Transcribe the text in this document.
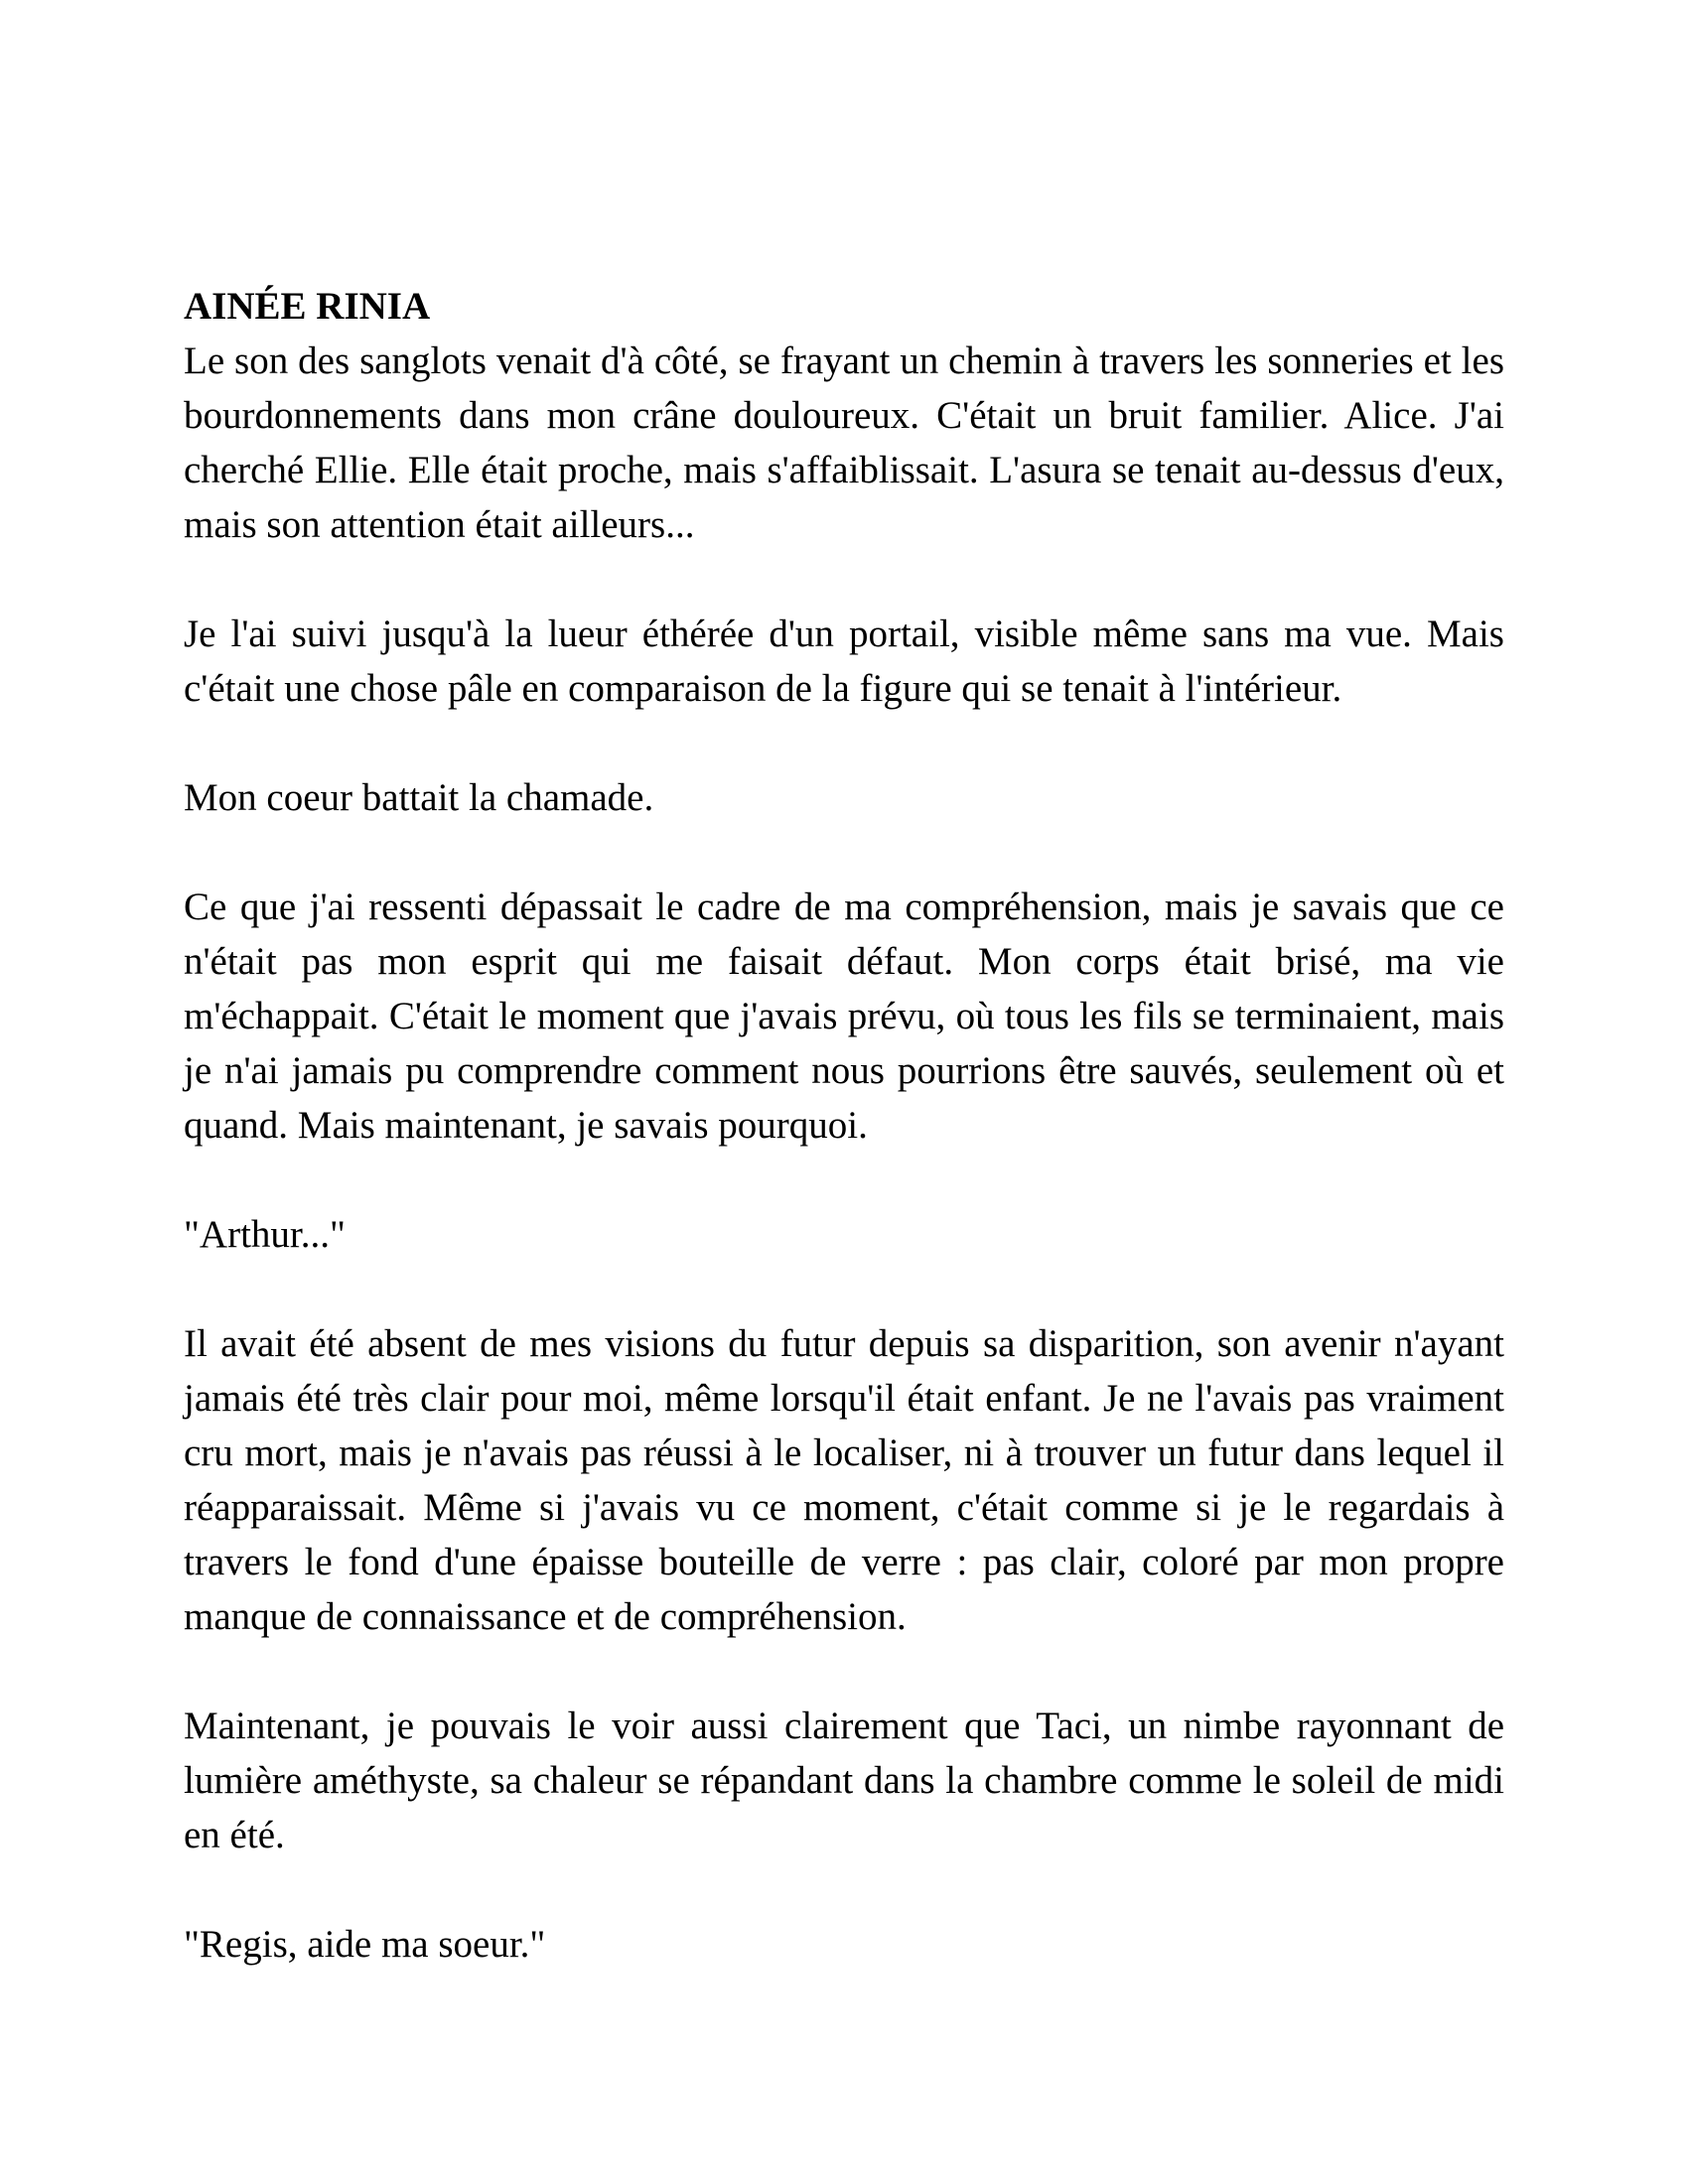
AINÉE RINIA

Le son des sanglots venait d'à côté, se frayant un chemin à travers les sonneries et les bourdonnements dans mon crâne douloureux. C'était un bruit familier. Alice. J'ai cherché Ellie. Elle était proche, mais s'affaiblissait. L'asura se tenait au-dessus d'eux, mais son attention était ailleurs...

Je l'ai suivi jusqu'à la lueur éthérée d'un portail, visible même sans ma vue. Mais c'était une chose pâle en comparaison de la figure qui se tenait à l'intérieur.

Mon coeur battait la chamade.

Ce que j'ai ressenti dépassait le cadre de ma compréhension, mais je savais que ce n'était pas mon esprit qui me faisait défaut. Mon corps était brisé, ma vie m'échappait. C'était le moment que j'avais prévu, où tous les fils se terminaient, mais je n'ai jamais pu comprendre comment nous pourrions être sauvés, seulement où et quand. Mais maintenant, je savais pourquoi.

"Arthur..."

Il avait été absent de mes visions du futur depuis sa disparition, son avenir n'ayant jamais été très clair pour moi, même lorsqu'il était enfant. Je ne l'avais pas vraiment cru mort, mais je n'avais pas réussi à le localiser, ni à trouver un futur dans lequel il réapparaissait. Même si j'avais vu ce moment, c'était comme si je le regardais à travers le fond d'une épaisse bouteille de verre : pas clair, coloré par mon propre manque de connaissance et de compréhension.

Maintenant, je pouvais le voir aussi clairement que Taci, un nimbe rayonnant de lumière améthyste, sa chaleur se répandant dans la chambre comme le soleil de midi en été.

"Regis, aide ma soeur."
